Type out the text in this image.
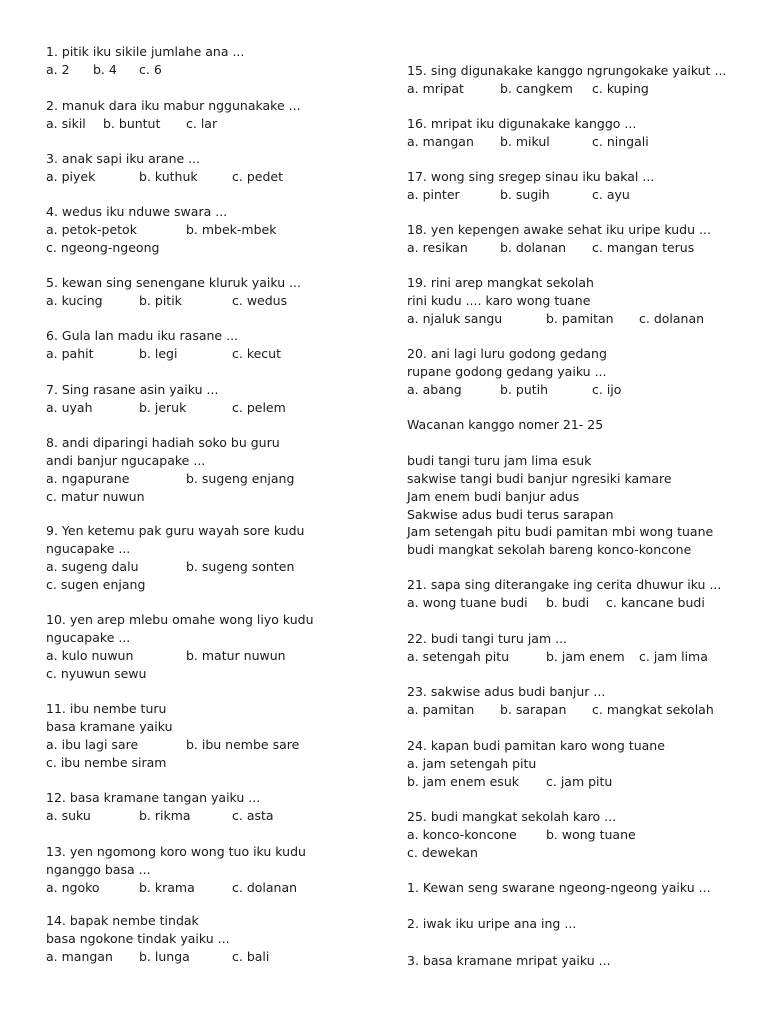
1. pitik iku sikile jumlahe ana ...
a. 2 b. 4 c. 6
2. manuk dara iku mabur nggunakake ...
a. sikil b. buntut c. lar
3. anak sapi iku arane ...
a. piyek	b. kuthuk	c. pedet
4. wedus iku nduwe swara ...
a. petok-petok	b. mbek-mbek
c. ngeong-ngeong
5. kewan sing senengane kluruk yaiku ...
a. kucing	b. pitik	c. wedus
6. Gula lan madu iku rasane ...
a. pahit	b. legi	c. kecut
7. Sing rasane asin yaiku ...
a. uyah	b. jeruk	c. pelem
8. andi diparingi hadiah soko bu guru
andi banjur ngucapake ...
a. ngapurane	b. sugeng enjang
c. matur nuwun
9. Yen ketemu pak guru wayah sore kudu
ngucapake ...
a. sugeng dalu	b. sugeng sonten
c. sugen enjang
10. yen arep mlebu omahe wong liyo kudu
ngucapake ...
a. kulo nuwun	b. matur nuwun
c. nyuwun sewu
11. ibu nembe turu
basa kramane yaiku
a. ibu lagi sare	b. ibu nembe sare
c. ibu nembe siram
12. basa kramane tangan yaiku ...
a. suku	b. rikma	c. asta
13. yen ngomong koro wong tuo iku kudu
nganggo basa ...
a. ngoko	b. krama	c. dolanan
14. bapak nembe tindak
basa ngokone tindak yaiku ...
a. mangan b. lunga	c. bali
15. sing digunakake kanggo ngrungokake yaikut ...
a. mripat	b. cangkem c. kuping
16. mripat iku digunakake kanggo ...
a. mangan b. mikul	c. ningali
17. wong sing sregep sinau iku bakal ...
a. pinter	b. sugih	c. ayu
18. yen kepengen awake sehat iku uripe kudu ...
a. resikan	b. dolanan c. mangan terus
19. rini arep mangkat sekolah
rini kudu .... karo wong tuane
a. njaluk sangu	b. pamitan c. dolanan
20. ani lagi luru godong gedang
rupane godong gedang yaiku ...
a. abang	b. putih	c. ijo
Wacanan kanggo nomer 21- 25
budi tangi turu jam lima esuk
sakwise tangi budi banjur ngresiki kamare
Jam enem budi banjur adus
Sakwise adus budi terus sarapan
Jam setengah pitu budi pamitan mbi wong tuane
budi mangkat sekolah bareng konco-koncone
21. sapa sing diterangake ing cerita dhuwur iku ...
a. wong tuane budi b. budi c. kancane budi
22. budi tangi turu jam ...
a. setengah pitu	b. jam enem c. jam lima
23. sakwise adus budi banjur ...
a. pamitan b. sarapan c. mangkat sekolah
24. kapan budi pamitan karo wong tuane
a. jam setengah pitu
b. jam enem esuk c. jam pitu
25. budi mangkat sekolah karo ...
a. konco-koncone b. wong tuane
c. dewekan
1. Kewan seng swarane ngeong-ngeong yaiku ...
2. iwak iku uripe ana ing ...
3. basa kramane mripat yaiku ...
